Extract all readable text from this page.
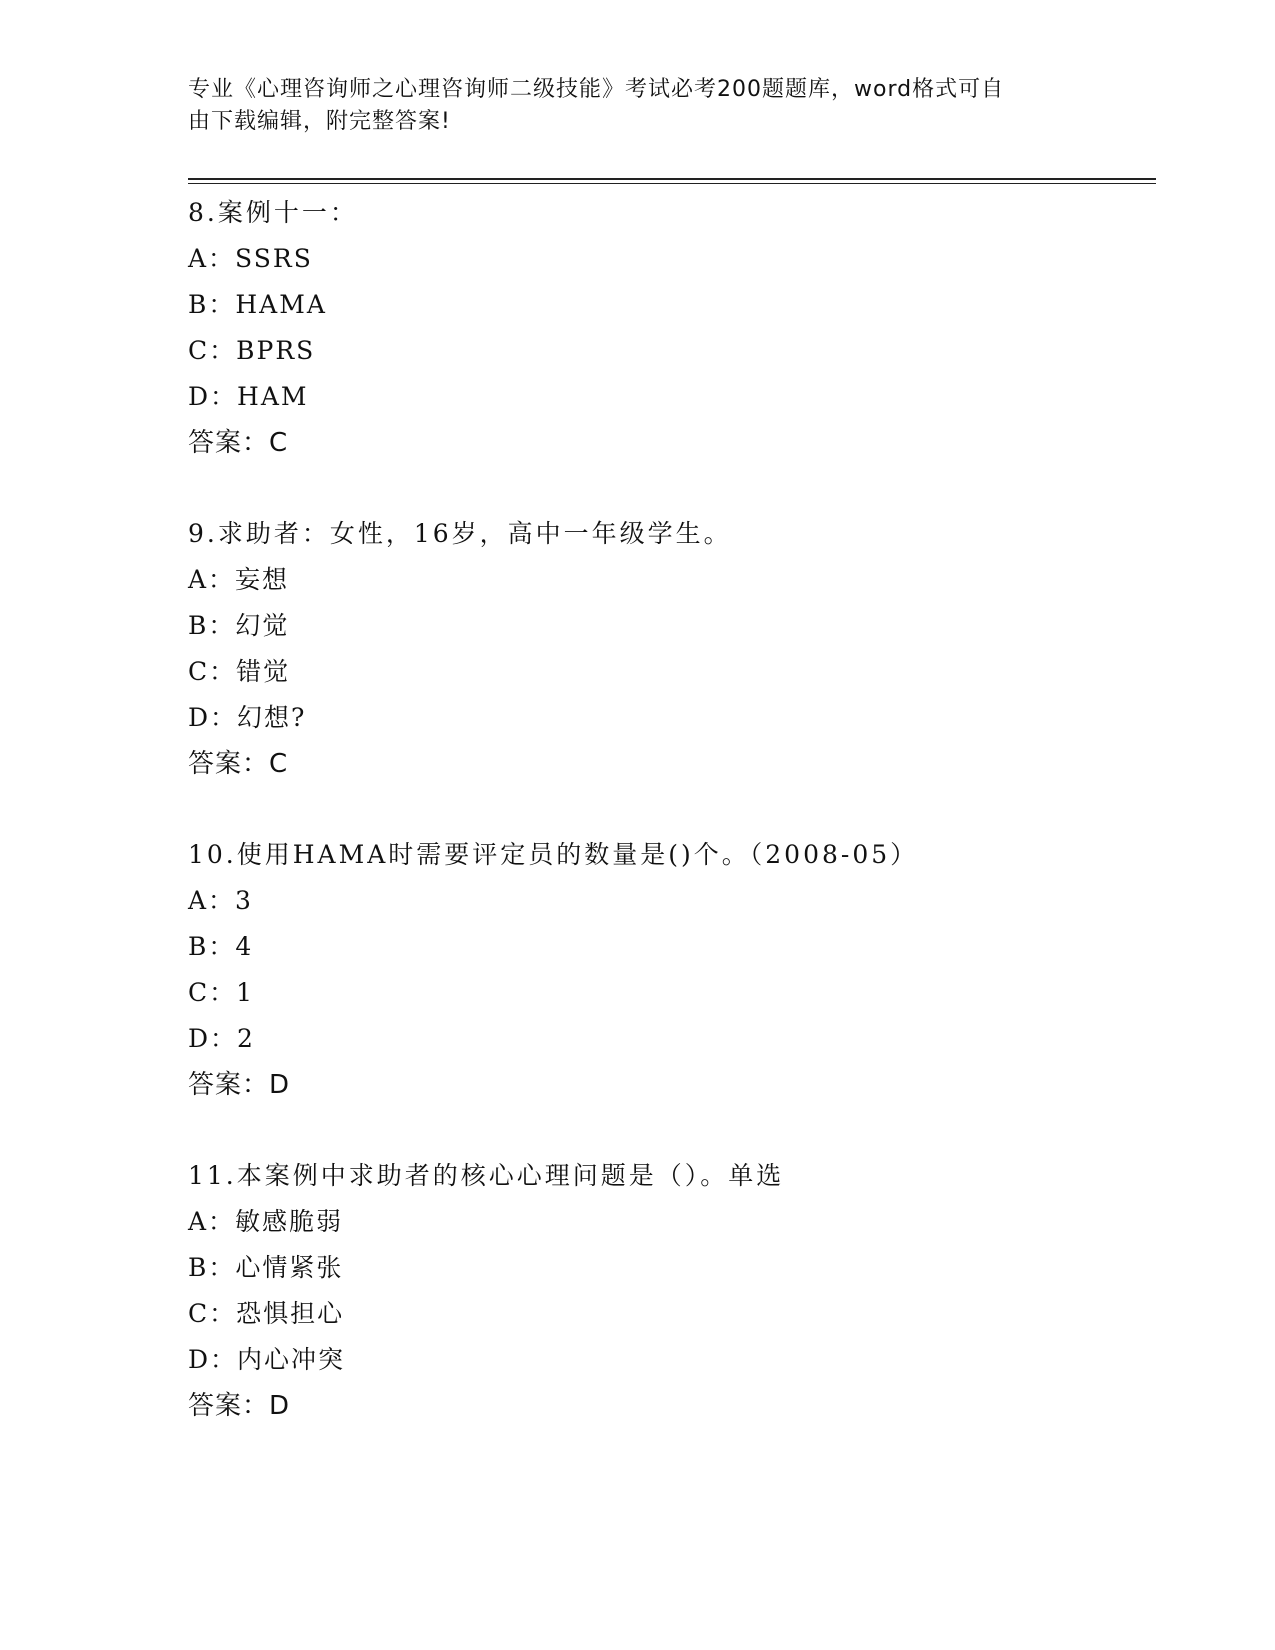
专业《心理咨询师之心理咨询师二级技能》考试必考200题题库，word格式可自
由下载编辑，附完整答案!
8.案例十一：
A：SSRS
B：HAMA
C：BPRS
D：HAM
答案：C
9.求助者：女性，16岁，高中一年级学生。
A：妄想
B：幻觉
C：错觉
D：幻想?
答案：C
10.使用HAMA时需要评定员的数量是()个。（2008-05）
A：3
B：4
C：1
D：2
答案：D
11.本案例中求助者的核心心理问题是（）。单选
A：敏感脆弱
B：心情紧张
C：恐惧担心
D：内心冲突
答案：D
